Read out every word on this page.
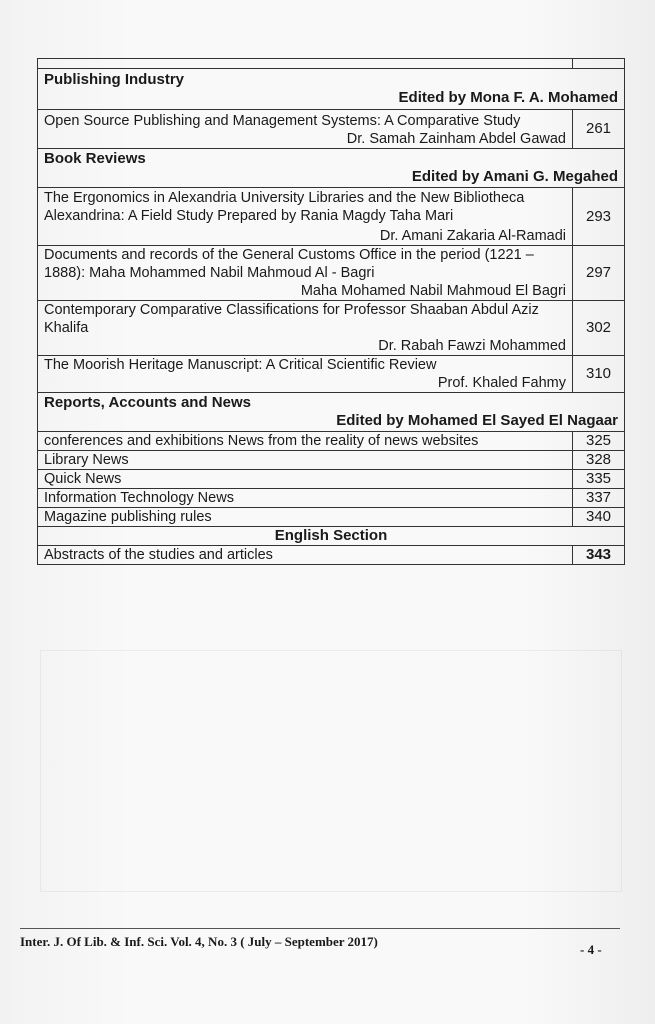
Publishing Industry
Edited by Mona F. A. Mohamed	

Open Source Publishing and Management Systems: A Comparative Study
Dr. Samah Zainham Abdel Gawad	261

Book Reviews
Edited by Amani G. Megahed	

The Ergonomics in Alexandria University Libraries and the New Bibliotheca Alexandrina: A Field Study Prepared by Rania Magdy Taha Mari
Dr. Amani Zakaria Al-Ramadi	293

Documents and records of the General Customs Office in the period (1221 – 1888): Maha Mohammed Nabil Mahmoud Al - Bagri
Maha Mohamed Nabil Mahmoud El Bagri	297

Contemporary Comparative Classifications for Professor Shaaban Abdul Aziz Khalifa
Dr. Rabah Fawzi Mohammed	302

The Moorish Heritage Manuscript: A Critical Scientific Review
Prof. Khaled Fahmy	310

Reports, Accounts and News
Edited by Mohamed El Sayed El Nagaar	

conferences and exhibitions News from the reality of news websites	325
Library News	328
Quick News	335
Information Technology News	337
Magazine publishing rules	340
English Section	
Abstracts of the studies and articles	343
Inter. J. Of Lib. & Inf. Sci. Vol. 4, No. 3 ( July – September 2017)
- 4 -
